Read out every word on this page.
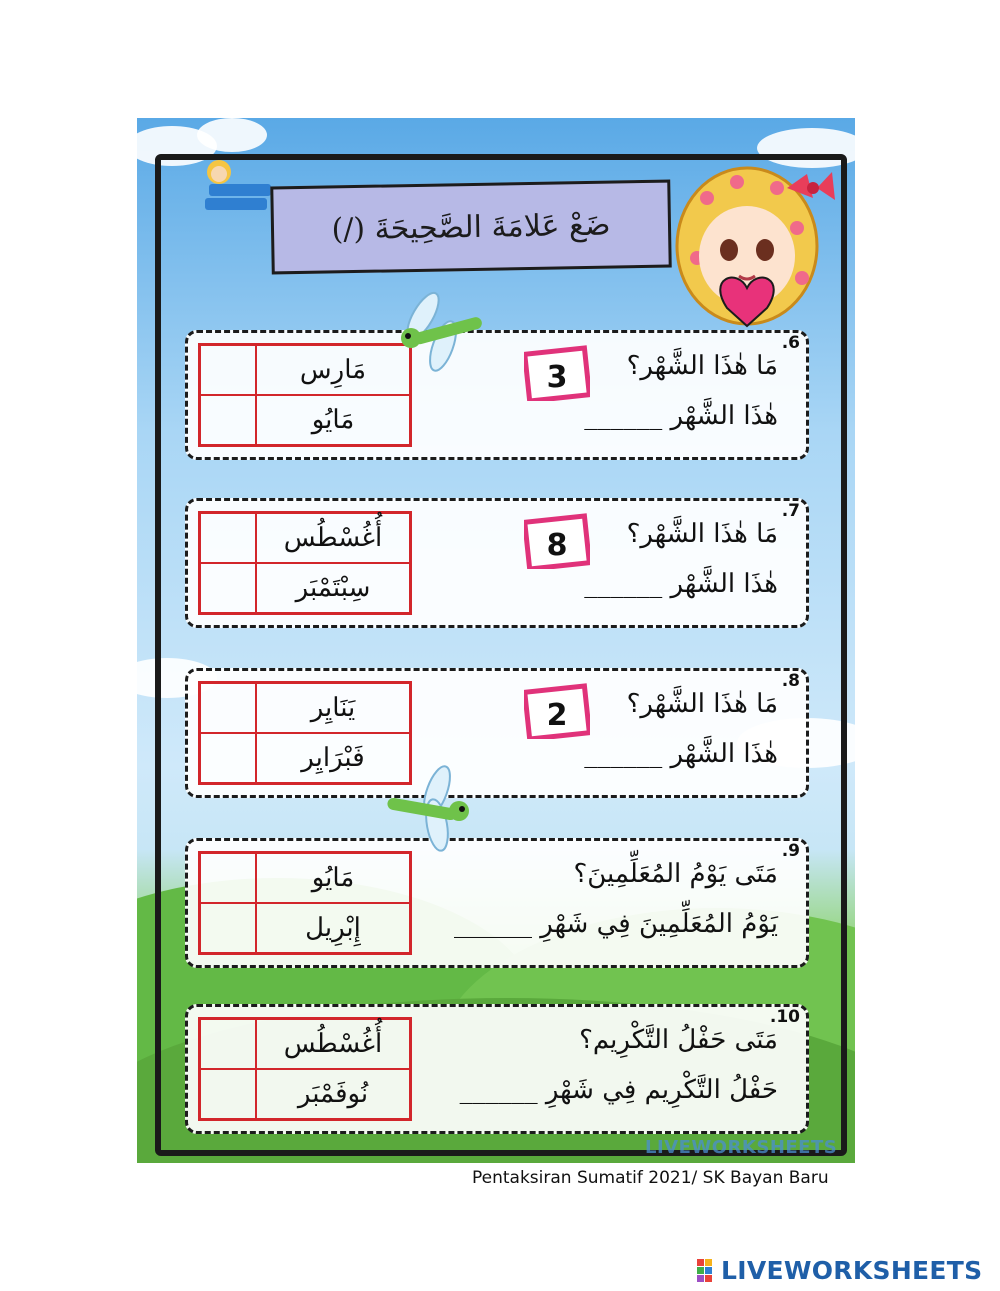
ضَعْ عَلامَةَ الصَّحِيحَةَ (/)
مَارِس
مَايُو
3
.6
مَا هٰذَا الشَّهْر؟
هٰذَا الشَّهْر ______
أُغُسْطُس
سِبْتَمْبَر
8
.7
مَا هٰذَا الشَّهْر؟
هٰذَا الشَّهْر ______
يَنَايِر
فَبْرَايِر
2
.8
مَا هٰذَا الشَّهْر؟
هٰذَا الشَّهْر ______
مَايُو
إِبْرِيل
.9
مَتَى يَوْمُ المُعَلِّمِينَ؟
يَوْمُ المُعَلِّمِينَ فِي شَهْرِ ______
أُغُسْطُس
نُوفَمْبَر
.10
مَتَى حَفْلُ التَّكْرِيم؟
حَفْلُ التَّكْرِيم فِي شَهْرِ ______
LIVEWORKSHEETS
Pentaksiran Sumatif 2021/ SK Bayan Baru
LIVEWORKSHEETS
